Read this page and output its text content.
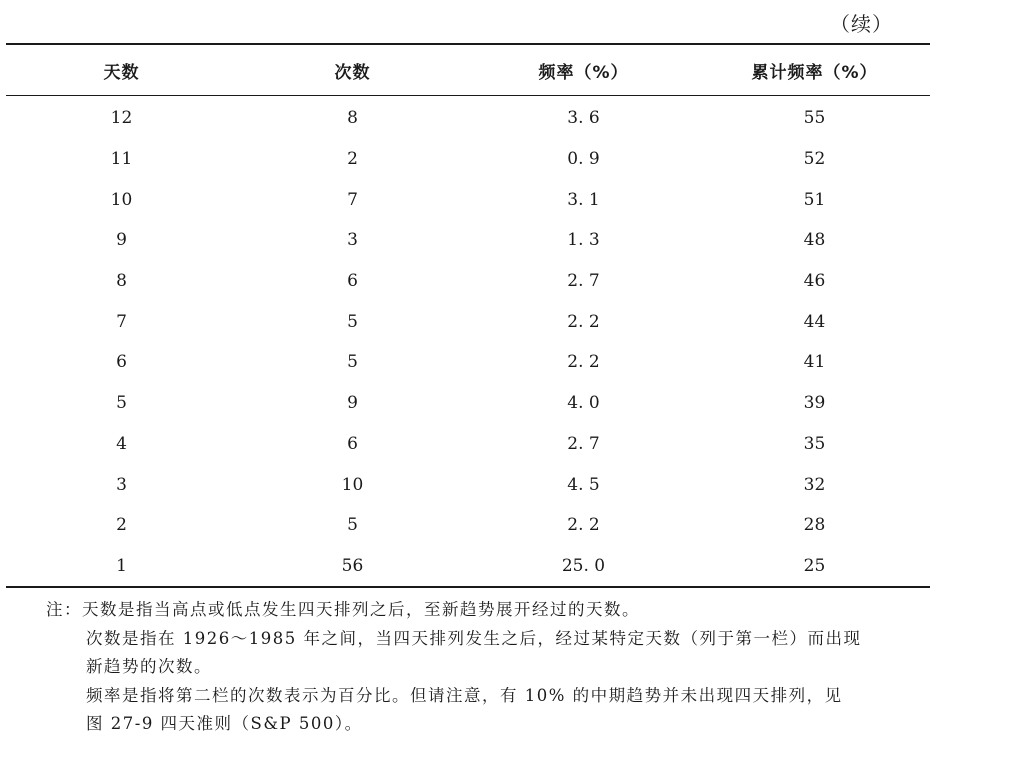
（续）
天数	次数	频率（%）	累计频率（%）
12	8	3. 6	55
11	2	0. 9	52
10	7	3. 1	51
9	3	1. 3	48
8	6	2. 7	46
7	5	2. 2	44
6	5	2. 2	41
5	9	4. 0	39
4	6	2. 7	35
3	10	4. 5	32
2	5	2. 2	28
1	56	25. 0	25
注：天数是指当高点或低点发生四天排列之后，至新趋势展开经过的天数。
次数是指在 1926～1985 年之间，当四天排列发生之后，经过某特定天数（列于第一栏）而出现
新趋势的次数。
频率是指将第二栏的次数表示为百分比。但请注意，有 10% 的中期趋势并未出现四天排列，见
图 27-9 四天准则（S&P 500）。
